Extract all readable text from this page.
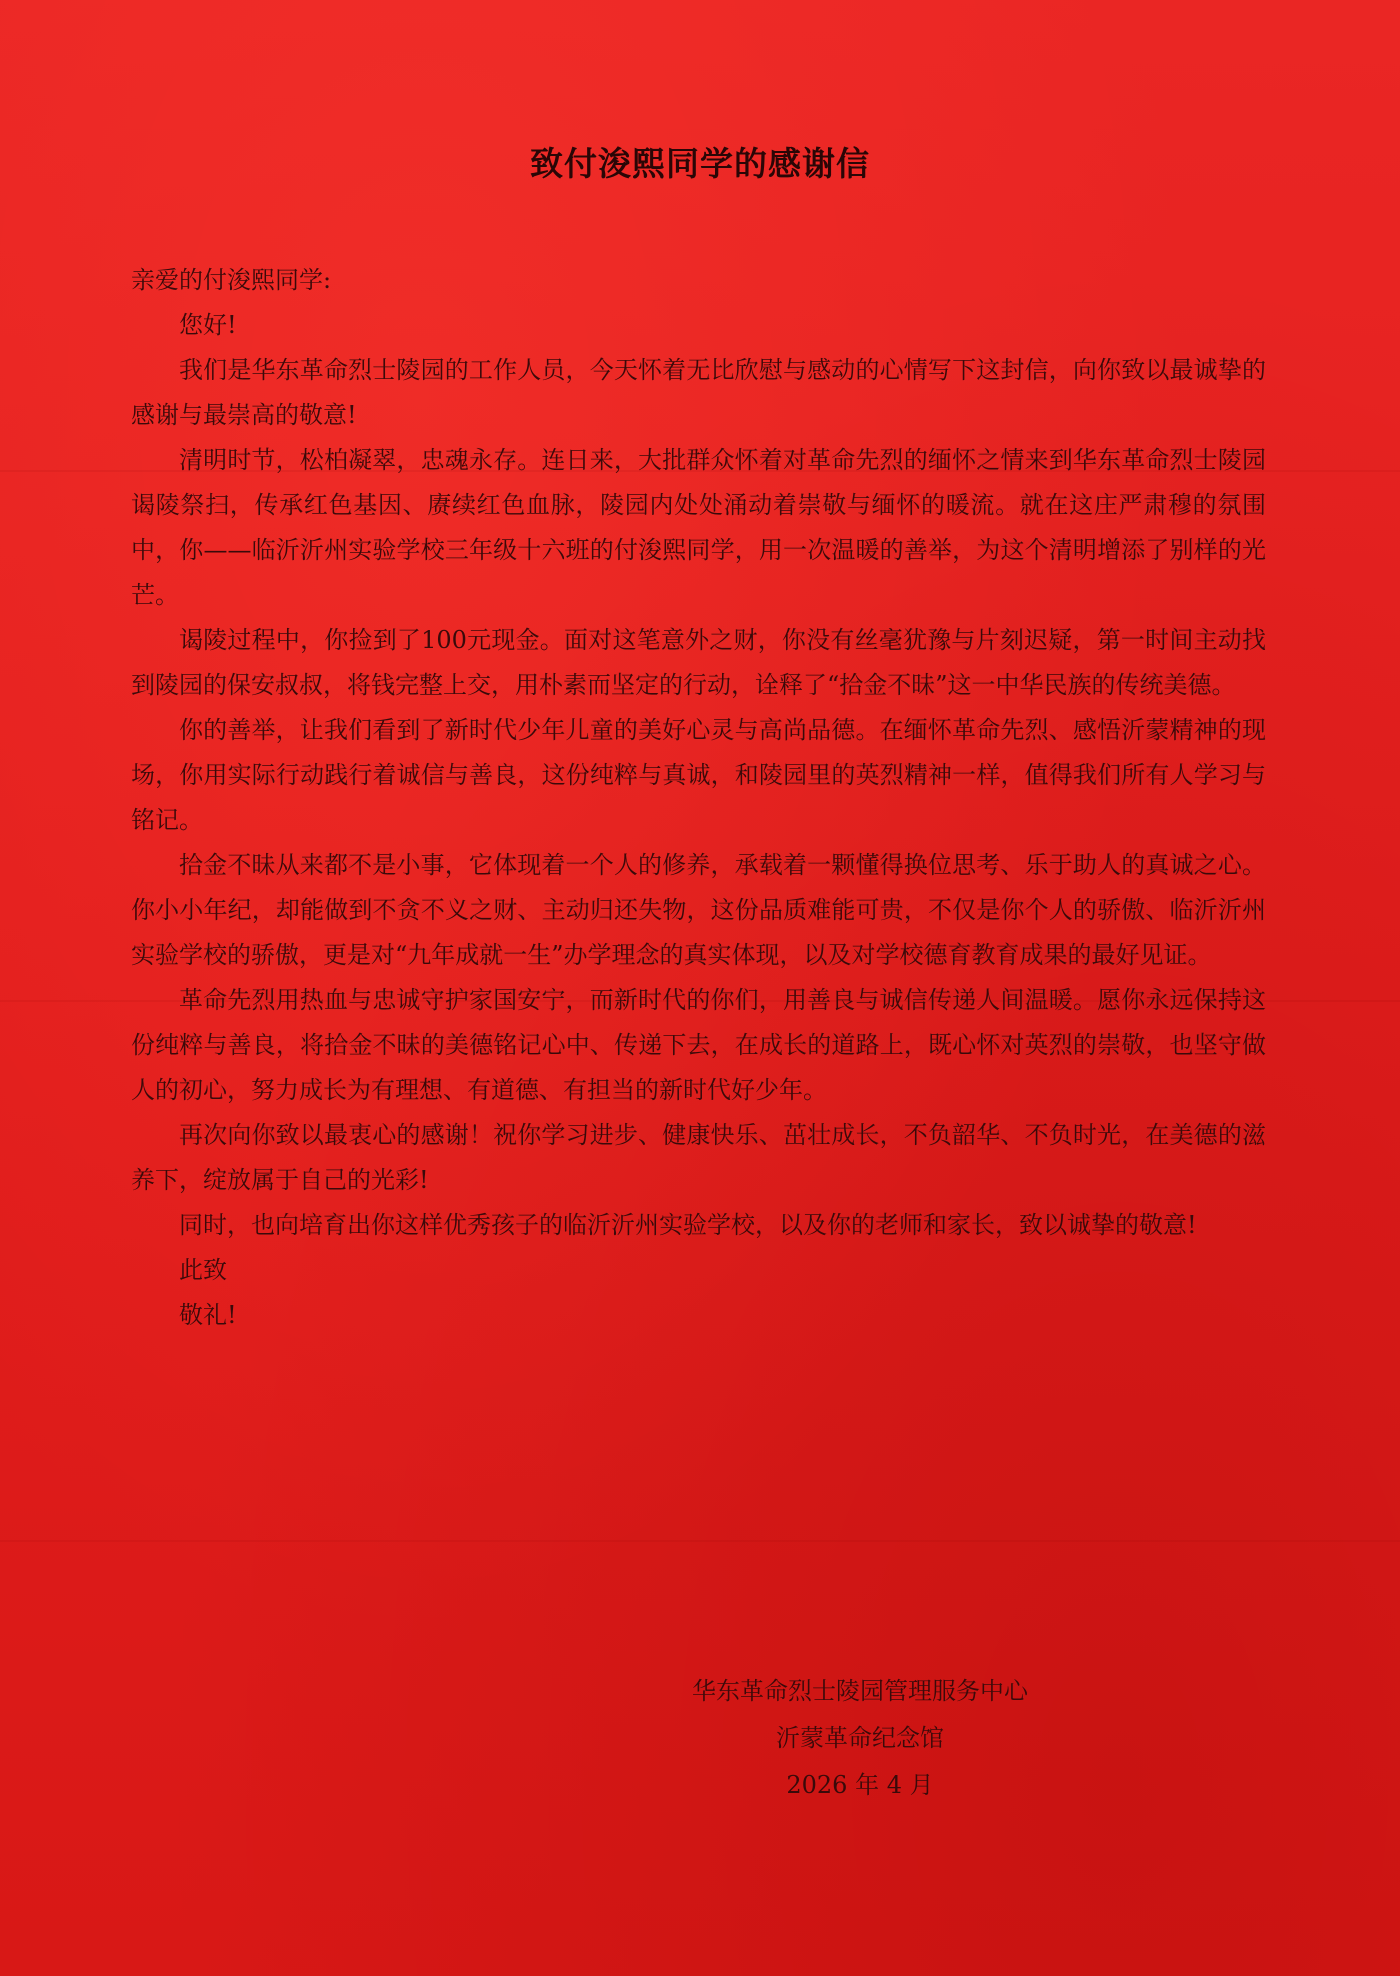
致付浚熙同学的感谢信

亲爱的付浚熙同学:

您好!

我们是华东革命烈士陵园的工作人员，今天怀着无比欣慰与感动的心情写下这封信，向你致以最诚挚的感谢与最崇高的敬意!

清明时节，松柏凝翠，忠魂永存。连日来，大批群众怀着对革命先烈的缅怀之情来到华东革命烈士陵园谒陵祭扫，传承红色基因、赓续红色血脉，陵园内处处涌动着崇敬与缅怀的暖流。就在这庄严肃穆的氛围中，你——临沂沂州实验学校三年级十六班的付浚熙同学，用一次温暖的善举，为这个清明增添了别样的光芒。

谒陵过程中，你捡到了100元现金。面对这笔意外之财，你没有丝毫犹豫与片刻迟疑，第一时间主动找到陵园的保安叔叔，将钱完整上交，用朴素而坚定的行动，诠释了“拾金不昧”这一中华民族的传统美德。

你的善举，让我们看到了新时代少年儿童的美好心灵与高尚品德。在缅怀革命先烈、感悟沂蒙精神的现场，你用实际行动践行着诚信与善良，这份纯粹与真诚，和陵园里的英烈精神一样，值得我们所有人学习与铭记。

拾金不昧从来都不是小事，它体现着一个人的修养，承载着一颗懂得换位思考、乐于助人的真诚之心。你小小年纪，却能做到不贪不义之财、主动归还失物，这份品质难能可贵，不仅是你个人的骄傲、临沂沂州实验学校的骄傲，更是对“九年成就一生”办学理念的真实体现，以及对学校德育教育成果的最好见证。

革命先烈用热血与忠诚守护家国安宁，而新时代的你们，用善良与诚信传递人间温暖。愿你永远保持这份纯粹与善良，将拾金不昧的美德铭记心中、传递下去，在成长的道路上，既心怀对英烈的崇敬，也坚守做人的初心，努力成长为有理想、有道德、有担当的新时代好少年。

再次向你致以最衷心的感谢！祝你学习进步、健康快乐、茁壮成长，不负韶华、不负时光，在美德的滋养下，绽放属于自己的光彩!

同时，也向培育出你这样优秀孩子的临沂沂州实验学校，以及你的老师和家长，致以诚挚的敬意!

此致

敬礼!

华东革命烈士陵园管理服务中心
沂蒙革命纪念馆
2026 年 4 月
